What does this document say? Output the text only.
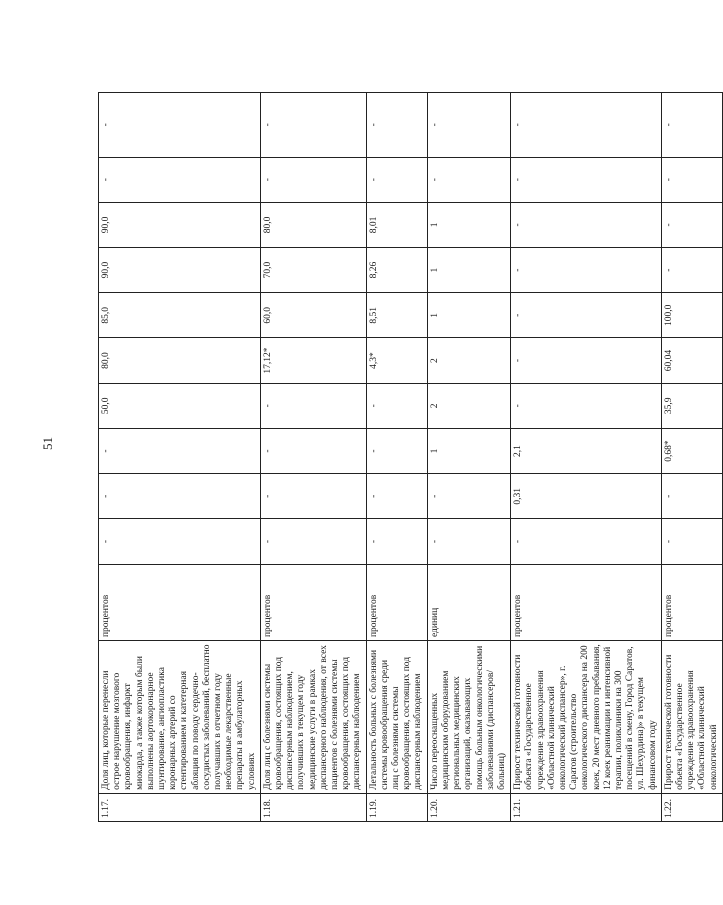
51
1.17.	Доля лиц, которые перенесли острое нарушение мозгового кровообращения, инфаркт миокарда, а также которым были выполнены аортокоронарное шунтирование, ангиопластика коронарных артерий со стентированием и катетерная абляция по поводу сердечно-сосудистых заболеваний, бесплатно получавших в отчетном году необходимые лекарственные препараты в амбулаторных условиях	процентов	-	-	-	50,0	80,0	85,0	90,0	90,0	-	-
1.18.	Доля лиц с болезнями системы кровообращения, состоящих под диспансерным наблюдением, получивших в текущем году медицинские услуги в рамках диспансерного наблюдения, от всех пациентов с болезнями системы кровообращения, состоящих под диспансерным наблюдением	процентов	-	-	-	-	17,12*	60,0	70,0	80,0	-	-
1.19.	Летальность больных с болезнями системы кровообращения среди лиц с болезнями системы кровообращения, состоящих под диспансерным наблюдением	процентов	-	-	-	-	4,3*	8,51	8,26	8,01	-	-
1.20.	Число переоснащенных медицинским оборудованием региональных медицинских организаций, оказывающих помощь больным онкологическими заболеваниями (диспансеров/больниц)	единиц	-	-	1	2	2	1	1	1	-	-
1.21.	Прирост технической готовности объекта «Государственное учреждение здравоохранения «Областной клинический онкологический диспансер», г. Саратов (строительство онкологического диспансера на 200 коек, 20 мест дневного пребывания, 12 коек реанимации и интенсивной терапии, поликлиники на 300 посещений в смену, Город Саратов, ул. Шехурдина)» в текущем финансовом году	процентов	-	0,31	2,1	-	-	-	-	-	-	-
1.22.	Прирост технической готовности объекта «Государственное учреждение здравоохранения «Областной клинический онкологический	процентов	-	-	0,68*	35,9	60,04	100,0	-	-	-	-
